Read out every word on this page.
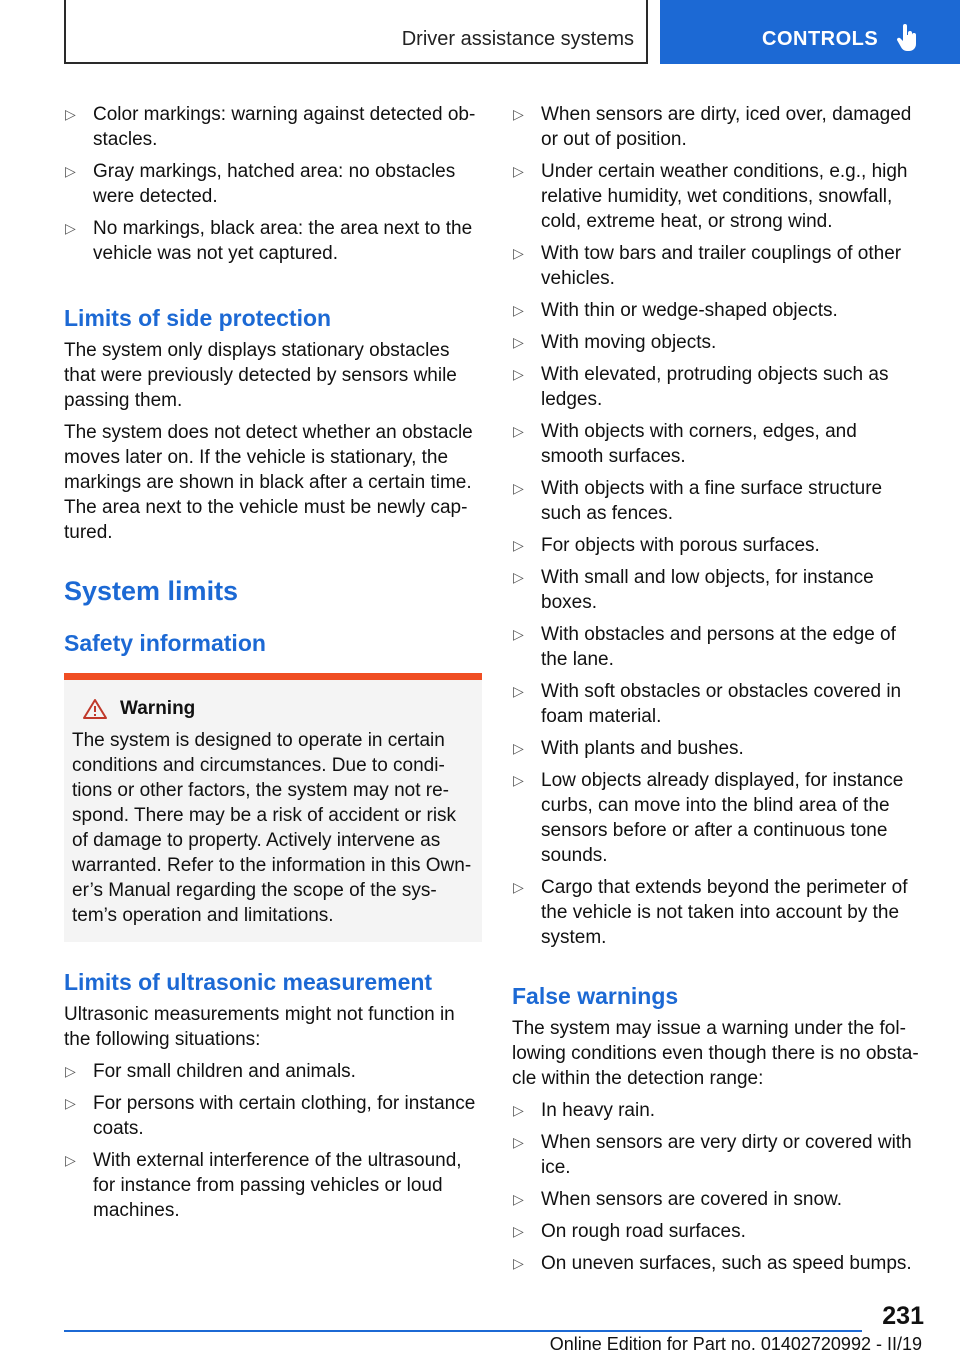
Driver assistance systems	CONTROLS
▷ Color markings: warning against detected ob‐ stacles.
▷ Gray markings, hatched area: no obstacles were detected.
▷ No markings, black area: the area next to the vehicle was not yet captured.
Limits of side protection

The system only displays stationary obstacles that were previously detected by sensors while passing them.

The system does not detect whether an obstacle moves later on. If the vehicle is stationary, the markings are shown in black after a certain time. The area next to the vehicle must be newly cap‐ tured.

System limits
Safety information
Warning

The system is designed to operate in certain conditions and circumstances. Due to condi‐ tions or other factors, the system may not re‐ spond. There may be a risk of accident or risk of damage to property. Actively intervene as warranted. Refer to the information in this Own‐ er’s Manual regarding the scope of the sys‐ tem’s operation and limitations.

Limits of ultrasonic measurement

Ultrasonic measurements might not function in the following situations:

▷ For small children and animals.
▷ For persons with certain clothing, for instance coats.
▷ With external interference of the ultrasound, for instance from passing vehicles or loud machines.
▷ When sensors are dirty, iced over, damaged or out of position.
▷ Under certain weather conditions, e.g., high relative humidity, wet conditions, snowfall, cold, extreme heat, or strong wind.
▷ With tow bars and trailer couplings of other vehicles.
▷ With thin or wedge-shaped objects.
▷ With moving objects.
▷ With elevated, protruding objects such as ledges.
▷ With objects with corners, edges, and smooth surfaces.
▷ With objects with a fine surface structure such as fences.
▷ For objects with porous surfaces.
▷ With small and low objects, for instance boxes.
▷ With obstacles and persons at the edge of the lane.
▷ With soft obstacles or obstacles covered in foam material.
▷ With plants and bushes.
▷ Low objects already displayed, for instance curbs, can move into the blind area of the sensors before or after a continuous tone sounds.
▷ Cargo that extends beyond the perimeter of the vehicle is not taken into account by the system.
False warnings

The system may issue a warning under the fol‐ lowing conditions even though there is no obsta‐ cle within the detection range:

▷ In heavy rain.
▷ When sensors are very dirty or covered with ice.
▷ When sensors are covered in snow.
▷ On rough road surfaces.
▷ On uneven surfaces, such as speed bumps.
231
Online Edition for Part no. 01402720992 - II/19
